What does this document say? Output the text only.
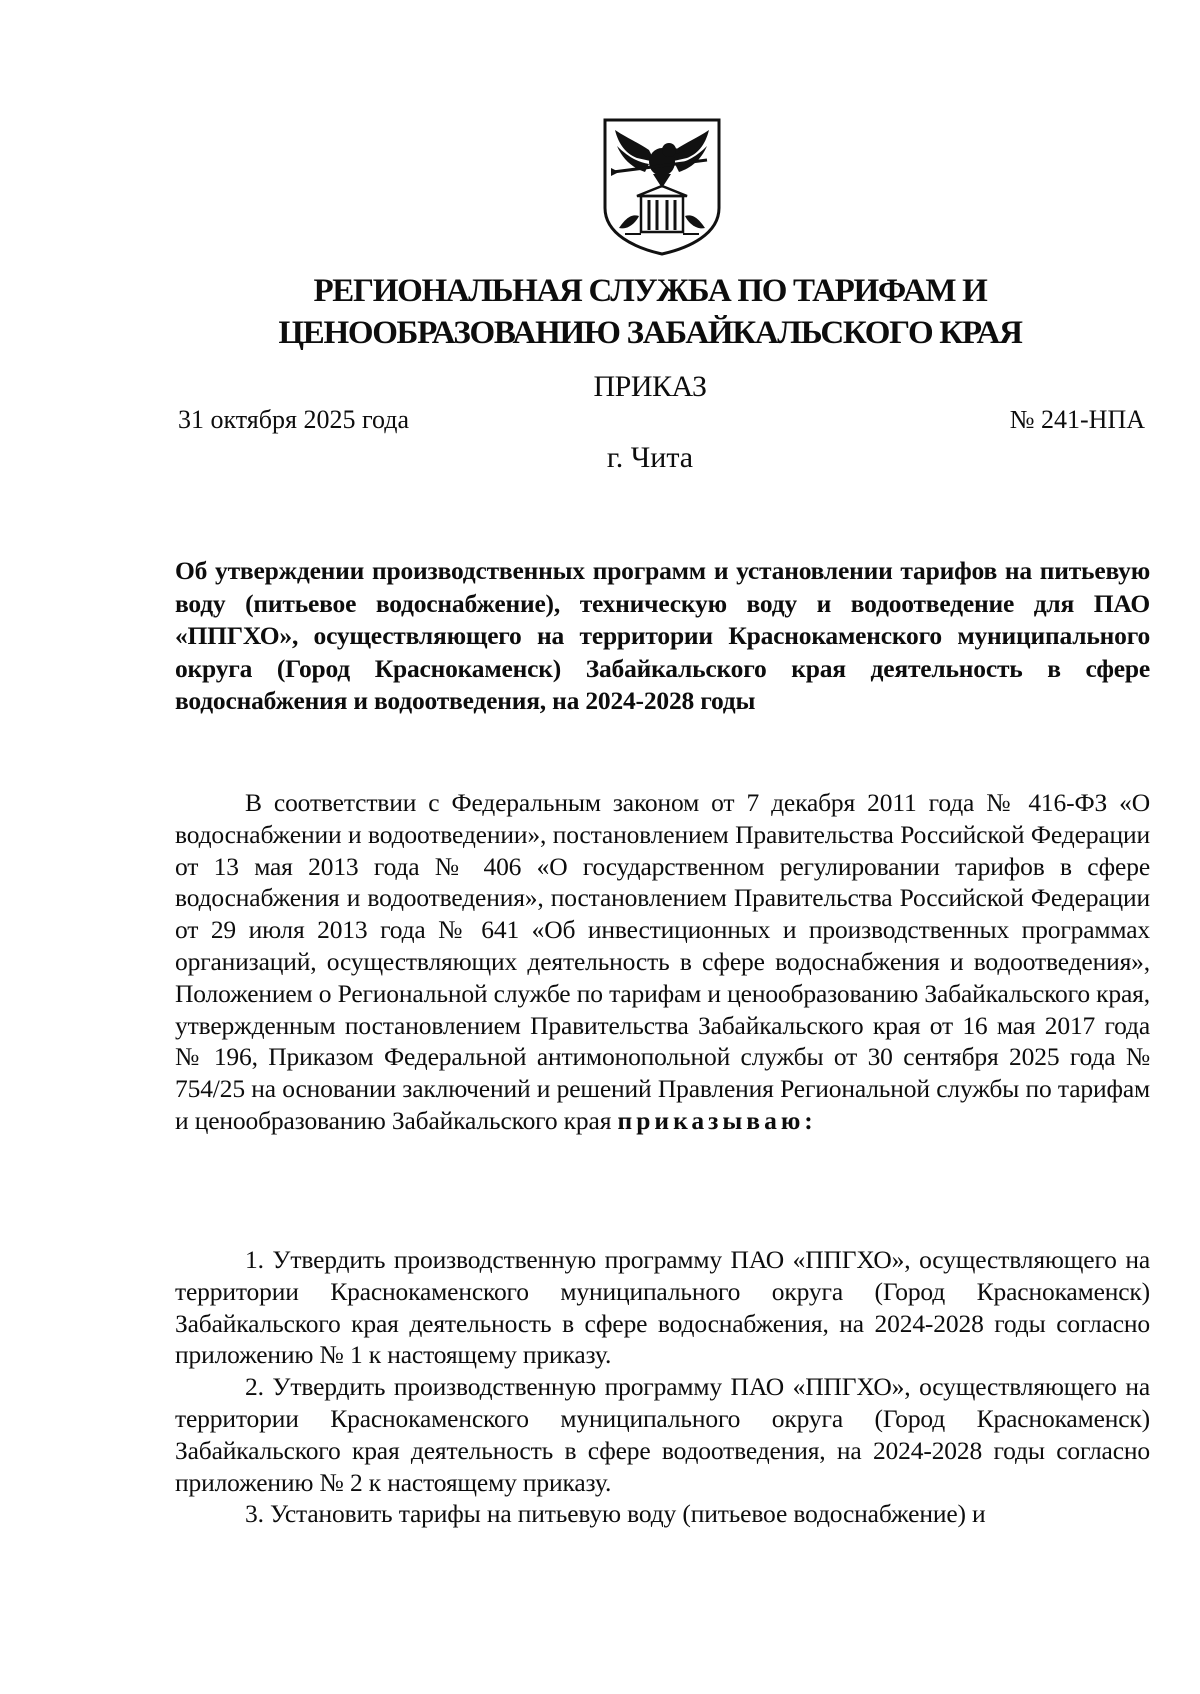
РЕГИОНАЛЬНАЯ СЛУЖБА ПО ТАРИФАМ И
ЦЕНООБРАЗОВАНИЮ ЗАБАЙКАЛЬСКОГО КРАЯ
ПРИКАЗ
31 октября 2025 года	№ 241-НПА
г. Чита
Об утверждении производственных программ и установлении тарифов на питьевую воду (питьевое водоснабжение), техническую воду и водоотведение для ПАО «ППГХО», осуществляющего на территории Краснокаменского муниципального округа (Город Краснокаменск) Забайкальского края деятельность в сфере водоснабжения и водоотведения, на 2024-2028 годы

В соответствии с Федеральным законом от 7 декабря 2011 года № 416-ФЗ «О водоснабжении и водоотведении», постановлением Правительства Российской Федерации от 13 мая 2013 года № 406 «О государственном регулировании тарифов в сфере водоснабжения и водоотведения», постановлением Правительства Российской Федерации от 29 июля 2013 года № 641 «Об инвестиционных и производственных программах организаций, осуществляющих деятельность в сфере водоснабжения и водоотведения», Положением о Региональной службе по тарифам и ценообразованию Забайкальского края, утвержденным постановлением Правительства Забайкальского края от 16 мая 2017 года № 196, Приказом Федеральной антимонопольной службы от 30 сентября 2025 года № 754/25 на основании заключений и решений Правления Региональной службы по тарифам и ценообразованию Забайкальского края приказываю:

1. Утвердить производственную программу ПАО «ППГХО», осуществляющего на территории Краснокаменского муниципального округа (Город Краснокаменск) Забайкальского края деятельность в сфере водоснабжения, на 2024-2028 годы согласно приложению № 1 к настоящему приказу.

2. Утвердить производственную программу ПАО «ППГХО», осуществляющего на территории Краснокаменского муниципального округа (Город Краснокаменск) Забайкальского края деятельность в сфере водоотведения, на 2024-2028 годы согласно приложению № 2 к настоящему приказу.

3. Установить тарифы на питьевую воду (питьевое водоснабжение) и
